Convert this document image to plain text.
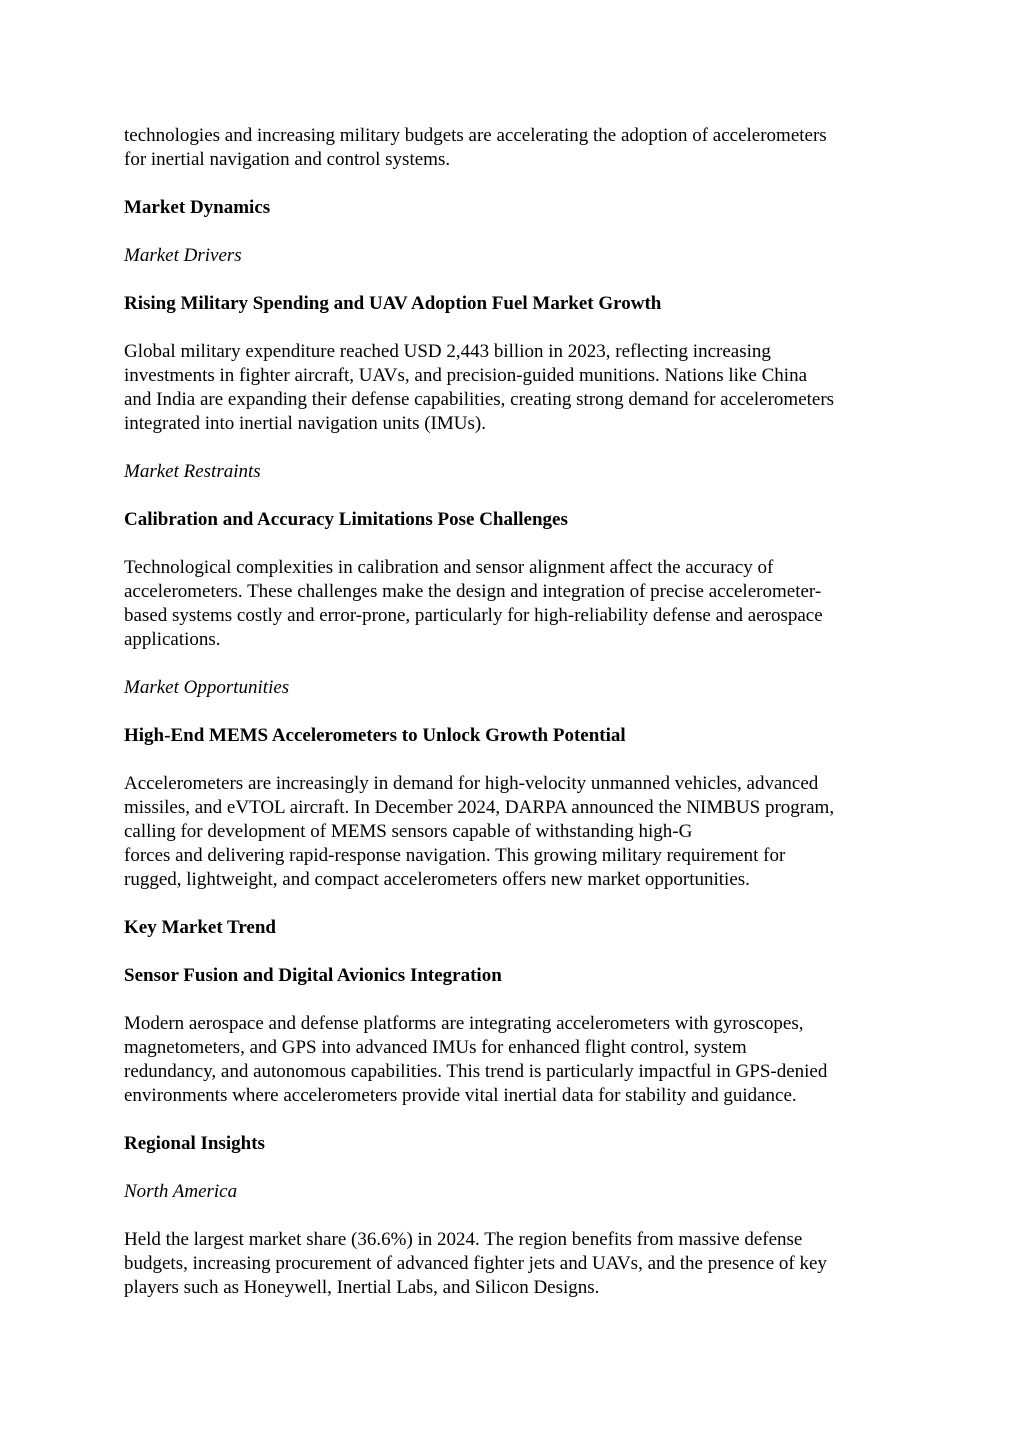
technologies and increasing military budgets are accelerating the adoption of accelerometers
for inertial navigation and control systems.
Market Dynamics
Market Drivers
Rising Military Spending and UAV Adoption Fuel Market Growth
Global military expenditure reached USD 2,443 billion in 2023, reflecting increasing
investments in fighter aircraft, UAVs, and precision-guided munitions. Nations like China
and India are expanding their defense capabilities, creating strong demand for accelerometers
integrated into inertial navigation units (IMUs).
Market Restraints
Calibration and Accuracy Limitations Pose Challenges
Technological complexities in calibration and sensor alignment affect the accuracy of
accelerometers. These challenges make the design and integration of precise accelerometer-
based systems costly and error-prone, particularly for high-reliability defense and aerospace
applications.
Market Opportunities
High-End MEMS Accelerometers to Unlock Growth Potential
Accelerometers are increasingly in demand for high-velocity unmanned vehicles, advanced
missiles, and eVTOL aircraft. In December 2024, DARPA announced the NIMBUS program,
calling for development of MEMS sensors capable of withstanding high-G
forces and delivering rapid-response navigation. This growing military requirement for
rugged, lightweight, and compact accelerometers offers new market opportunities.
Key Market Trend
Sensor Fusion and Digital Avionics Integration
Modern aerospace and defense platforms are integrating accelerometers with gyroscopes,
magnetometers, and GPS into advanced IMUs for enhanced flight control, system
redundancy, and autonomous capabilities. This trend is particularly impactful in GPS-denied
environments where accelerometers provide vital inertial data for stability and guidance.
Regional Insights
North America
Held the largest market share (36.6%) in 2024. The region benefits from massive defense
budgets, increasing procurement of advanced fighter jets and UAVs, and the presence of key
players such as Honeywell, Inertial Labs, and Silicon Designs.
